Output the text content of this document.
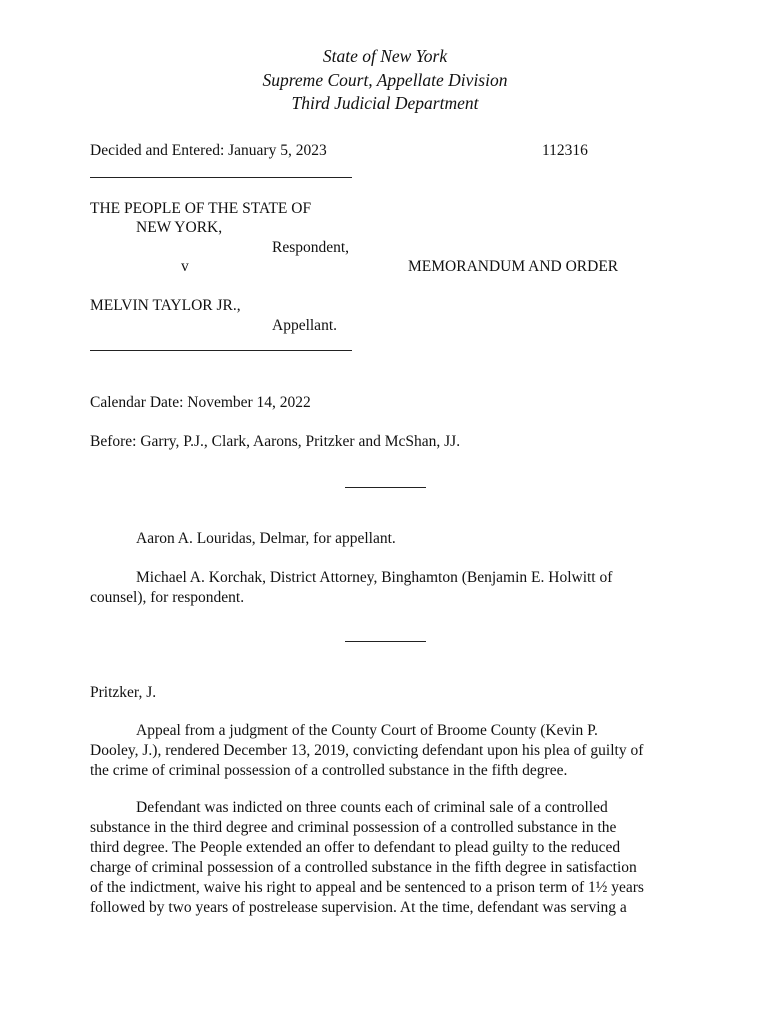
State of New York
Supreme Court, Appellate Division
Third Judicial Department
Decided and Entered: January 5, 2023	112316
THE PEOPLE OF THE STATE OF
NEW YORK,
Respondent,
v	MEMORANDUM AND ORDER
MELVIN TAYLOR JR.,
Appellant.
Calendar Date: November 14, 2022
Before: Garry, P.J., Clark, Aarons, Pritzker and McShan, JJ.
Aaron A. Louridas, Delmar, for appellant.
Michael A. Korchak, District Attorney, Binghamton (Benjamin E. Holwitt of
counsel), for respondent.
Pritzker, J.
Appeal from a judgment of the County Court of Broome County (Kevin P.
Dooley, J.), rendered December 13, 2019, convicting defendant upon his plea of guilty of
the crime of criminal possession of a controlled substance in the fifth degree.
Defendant was indicted on three counts each of criminal sale of a controlled
substance in the third degree and criminal possession of a controlled substance in the
third degree. The People extended an offer to defendant to plead guilty to the reduced
charge of criminal possession of a controlled substance in the fifth degree in satisfaction
of the indictment, waive his right to appeal and be sentenced to a prison term of 1½ years
followed by two years of postrelease supervision. At the time, defendant was serving a
